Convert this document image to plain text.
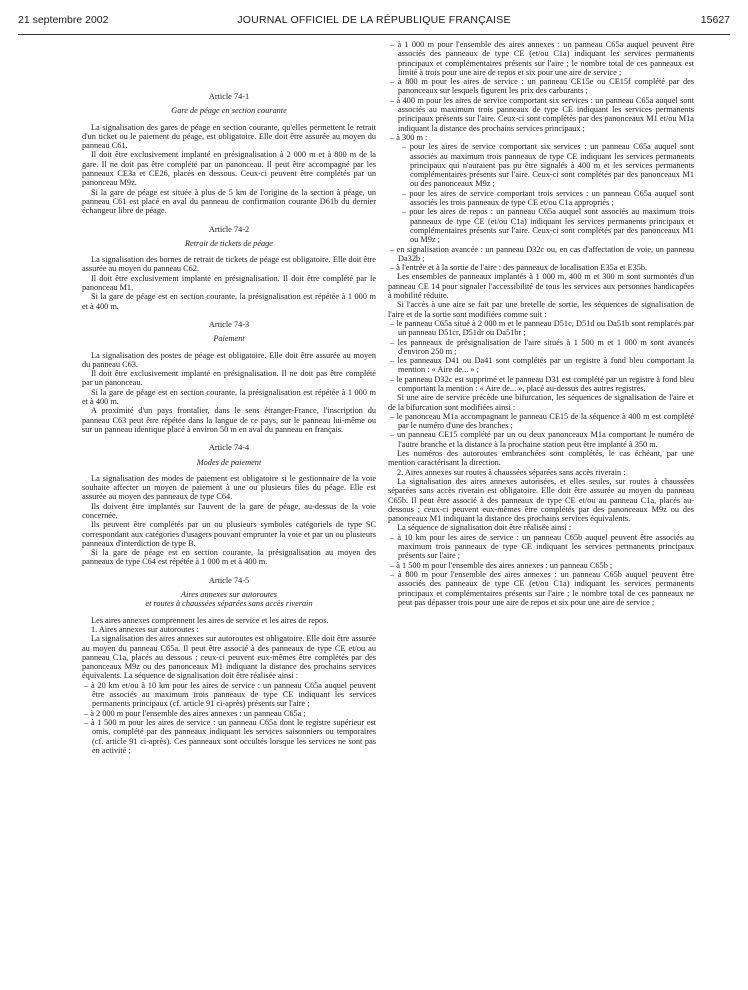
21 septembre 2002	JOURNAL OFFICIEL DE LA RÉPUBLIQUE FRANÇAISE	15627
Article 74-1
Gare de péage en section courante

La signalisation des gares de péage en section courante, qu'elles permettent le retrait d'un ticket ou le paiement du péage, est obligatoire. Elle doit être assurée au moyen du panneau C61.

Il doit être exclusivement implanté en présignalisation à 2 000 m et à 800 m de la gare. Il ne doit pas être complété par un panonceau. Il peut être accompagné par les panneaux CE3a et CE26, placés en dessous. Ceux-ci peuvent être complétés par un panonceau M9z.

Si la gare de péage est située à plus de 5 km de l'origine de la section à péage, un panneau C61 est placé en aval du panneau de confirmation courante D61b du dernier échangeur libre de péage.

Article 74-2
Retrait de tickets de péage

La signalisation des bornes de retrait de tickets de péage est obligatoire. Elle doit être assurée au moyen du panneau C62.

Il doit être exclusivement implanté en présignalisation. Il doit être complété par le panonceau M1.

Si la gare de péage est en section courante, la présignalisation est répétée à 1 000 m et à 400 m.

Article 74-3
Paiement

La signalisation des postes de péage est obligatoire. Elle doit être assurée au moyen du panneau C63.

Il doit être exclusivement implanté en présignalisation. Il ne doit pas être complété par un panonceau.

Si la gare de péage est en section courante, la présignalisation est répétée à 1 000 m et à 400 m.

A proximité d'un pays frontalier, dans le sens étranger-France, l'inscription du panneau C63 peut être répétée dans la langue de ce pays, sur le panneau lui-même ou sur un panneau identique placé à environ 50 m en aval du panneau en français.

Article 74-4
Modes de paiement

La signalisation des modes de paiement est obligatoire si le gestionnaire de la voie souhaite affecter un moyen de paiement à une ou plusieurs files du péage. Elle est assurée au moyen des panneaux de type C64.

Ils doivent être implantés sur l'auvent de la gare de péage, au-dessus de la voie concernée.

Ils peuvent être complétés par un ou plusieurs symboles catégoriels de type SC correspondant aux catégories d'usagers pouvant emprunter la voie et par un ou plusieurs panneaux d'interdiction de type B.

Si la gare de péage est en section courante, la présignalisation au moyen des panneaux de type C64 est répétée à 1 000 m et à 400 m.

Article 74-5
Aires annexes sur autoroutes
et routes à chaussées séparées sans accès riverain

Les aires annexes comprennent les aires de service et les aires de repos.

1. Aires annexes sur autoroutes :

La signalisation des aires annexes sur autoroutes est obligatoire. Elle doit être assurée au moyen du panneau C65a. Il peut être associé à des panneaux de type CE et/ou au panneau C1a, placés au dessous ; ceux-ci peuvent eux-mêmes être complétés par des panonceaux M9z ou des panonceaux M1 indiquant la distance des prochains services équivalents. La séquence de signalisation doit être réalisée ainsi :

– à 20 km et/ou à 10 km pour les aires de service : un panneau C65a auquel peuvent être associés au maximum trois panneaux de type CE indiquant les services permanents principaux (cf. article 91 ci-après) présents sur l'aire ;
– à 2 000 m pour l'ensemble des aires annexes : un panneau C65a ;
– à 1 500 m pour les aires de service : un panneau C65a dont le registre supérieur est omis, complété par des panneaux indiquant les services saisonniers ou temporaires (cf. article 91 ci-après). Ces panneaux sont occultés lorsque les services ne sont pas en activité ;
– à 1 000 m pour l'ensemble des aires annexes : un panneau C65a auquel peuvent être associés des panneaux de type CE (et/ou C1a) indiquant les services permanents principaux et complémentaires présents sur l'aire ; le nombre total de ces panneaux est limité à trois pour une aire de repos et six pour une aire de service ;
– à 800 m pour les aires de service : un panneau CE15e ou CE15f complété par des panonceaux sur lesquels figurent les prix des carburants ;
– à 400 m pour les aires de service comportant six services : un panneau C65a auquel sont associés au maximum trois panneaux de type CE indiquant les services permanents principaux présents sur l'aire. Ceux-ci sont complétés par des panonceaux M1 et/ou M1a indiquant la distance des prochains services principaux ;
– à 300 m :
– pour les aires de service comportant six services : un panneau C65a auquel sont associés au maximum trois panneaux de type CE indiquant les services permanents principaux qui n'auraient pas pu être signalés à 400 m et les services permanents complémentaires présents sur l'aire. Ceux-ci sont complétés par des panonceaux M1 ou des panonceaux M9z ;
– pour les aires de service comportant trois services : un panneau C65a auquel sont associés les trois panneaux de type CE et/ou C1a appropriés ;
– pour les aires de repos : un panneau C65a auquel sont associés au maximum trois panneaux de type CE (et/ou C1a) indiquant les services permanents principaux et complémentaires présents sur l'aire. Ceux-ci sont complétés par des panonceaux M1 ou M9z ;
– en signalisation avancée : un panneau D32c ou, en cas d'affectation de voie, un panneau Da32b ;
– à l'entrée et à la sortie de l'aire : des panneaux de localisation E35a et E35b.

Les ensembles de panneaux implantés à 1 000 m, 400 m et 300 m sont surmontés d'un panneau CE 14 pour signaler l'accessibilité de tous les services aux personnes handicapées à mobilité réduite.

Si l'accès à une aire se fait par une bretelle de sortie, les séquences de signalisation de l'aire et de la sortie sont modifiées comme suit :

– le panneau C65a situé à 2 000 m et le panneau D51c, D51d ou Da51b sont remplacés par un panneau D51cr, D51dr ou Da51br ;
– les panneaux de présignalisation de l'aire situés à 1 500 m et 1 000 m sont avancés d'environ 250 m ;
– les panneaux D41 ou Da41 sont complétés par un registre à fond bleu comportant la mention : « Aire de... » ;
– le panneau D32c est supprimé et le panneau D31 est complété par un registre à fond bleu comportant la mention : « Aire de... », placé au-dessus des autres registres.

Si une aire de service précède une bifurcation, les séquences de signalisation de l'aire et de la bifurcation sont modifiées ainsi :

– le panonceau M1a accompagnant le panneau CE15 de la séquence à 400 m est complété par le numéro d'une des branches ;
– un panneau CE15 complété par un ou deux panonceaux M1a comportant le numéro de l'autre branche et la distance à la prochaine station peut être implanté à 350 m.

Les numéros des autoroutes embranchées sont complétés, le cas échéant, par une mention caractérisant la direction.

2. Aires annexes sur routes à chaussées séparées sans accès riverain :

La signalisation des aires annexes autorisées, et elles seules, sur routes à chaussées séparées sans accès riverain est obligatoire. Elle doit être assurée au moyen du panneau C65b. Il peut être associé à des panneaux de type CE et/ou au panneau C1a, placés au-dessous ; ceux-ci peuvent eux-mêmes être complétés par des panonceaux M9z ou des panonceaux M1 indiquant la distance des prochains services équivalents.

La séquence de signalisation doit être réalisée ainsi :

– à 10 km pour les aires de service : un panneau C65b auquel peuvent être associés au maximum trois panneaux de type CE indiquant les services permanents principaux présents sur l'aire ;
– à 1 500 m pour l'ensemble des aires annexes : un panneau C65b ;
– à 800 m pour l'ensemble des aires annexes : un panneau C65b auquel peuvent être associés des panneaux de type CE (et/ou C1a) indiquant les services permanents principaux et complémentaires présents sur l'aire ; le nombre total de ces panneaux ne peut pas dépasser trois pour une aire de repos et six pour une aire de service ;
